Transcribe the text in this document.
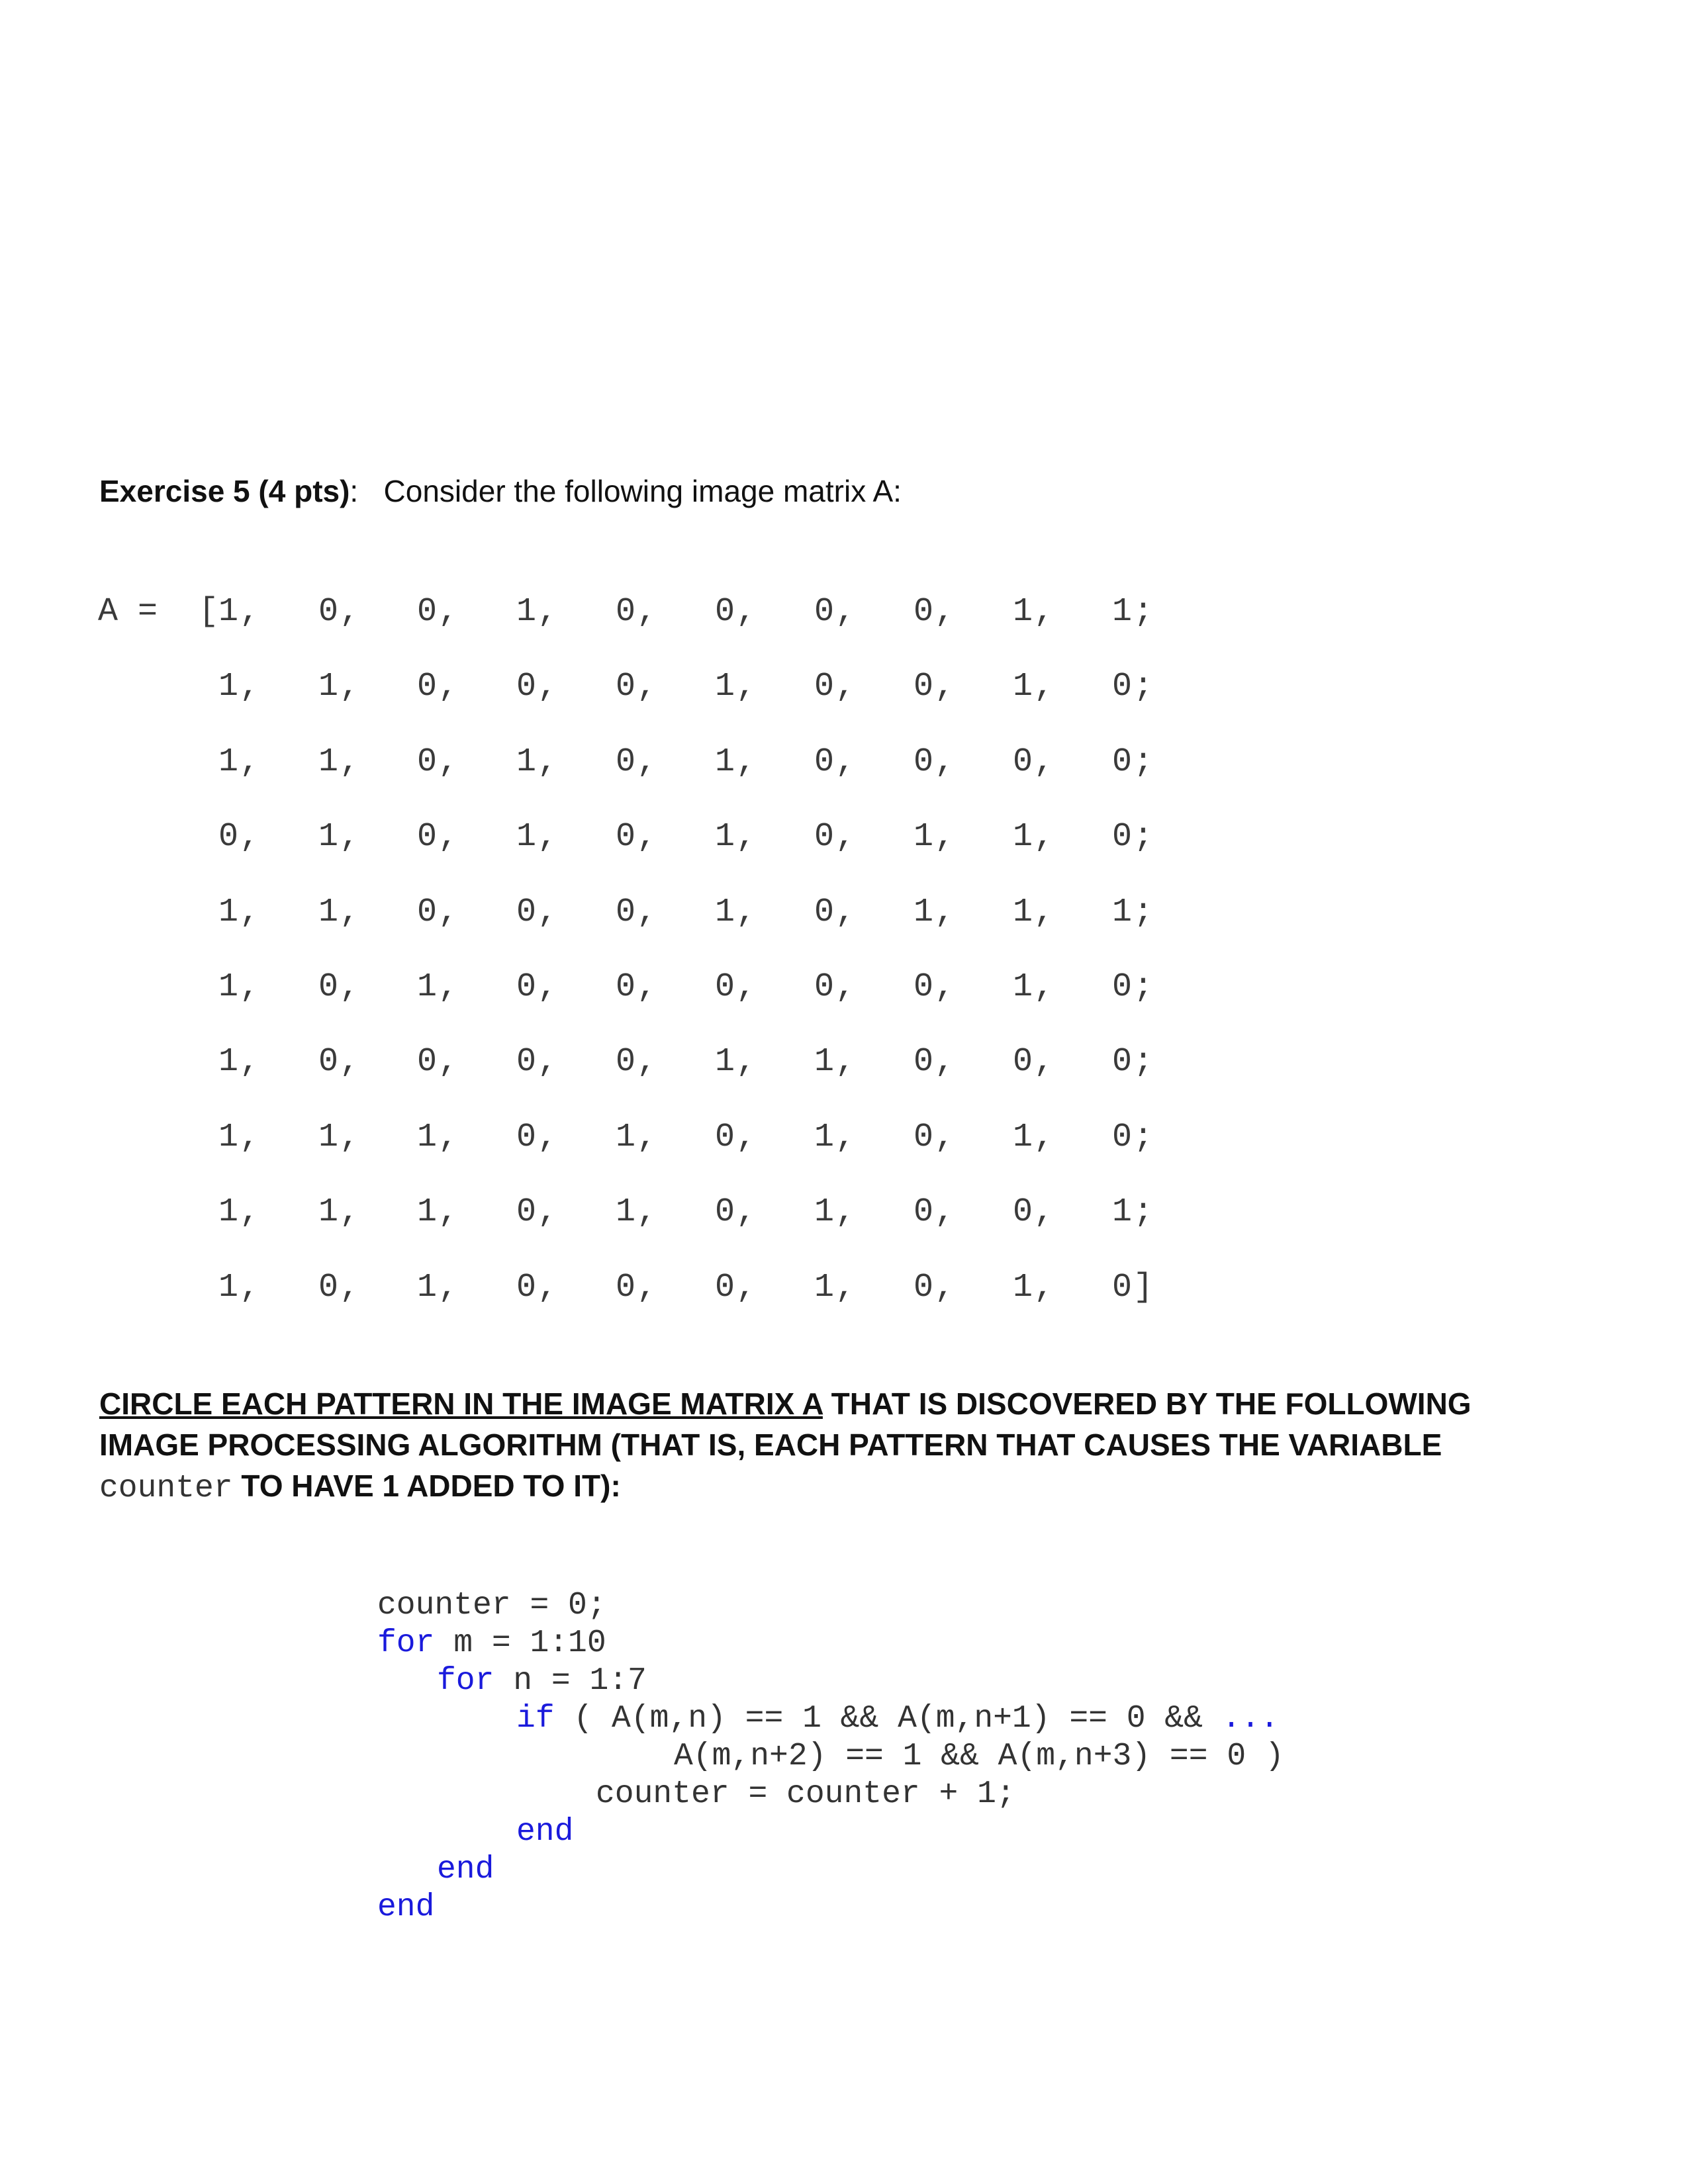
Exercise 5 (4 pts): Consider the following image matrix A:
A = 1 , 0 , 0 , 1 , 0 , 0 , 0 , 0 , 1 , 1 ;
[
1 , 1 , 0 , 0 , 0 , 1 , 0 , 0 , 1 , 0 ;
1 , 1 , 0 , 1 , 0 , 1 , 0 , 0 , 0 , 0 ;
0 , 1 , 0 , 1 , 0 , 1 , 0 , 1 , 1 , 0 ;
1 , 1 , 0 , 0 , 0 , 1 , 0 , 1 , 1 , 1 ;
1 , 0 , 1 , 0 , 0 , 0 , 0 , 0 , 1 , 0 ;
1 , 0 , 0 , 0 , 0 , 1 , 1 , 0 , 0 , 0 ;
1 , 1 , 1 , 0 , 1 , 0 , 1 , 0 , 1 , 0 ;
1 , 1 , 1 , 0 , 1 , 0 , 1 , 0 , 0 , 1 ;
1 , 0 , 1 , 0 , 0 , 0 , 1 , 0 , 1 , 0 ]
CIRCLE EACH PATTERN IN THE IMAGE MATRIX A THAT IS DISCOVERED BY THE FOLLOWING IMAGE PROCESSING ALGORITHM (THAT IS, EACH PATTERN THAT CAUSES THE VARIABLE counter TO HAVE 1 ADDED TO IT):
counter = 0;
for m = 1:10
for n = 1:7
if ( A(m,n) == 1 && A(m,n+1) == 0 && ...
A(m,n+2) == 1 && A(m,n+3) == 0 )
counter = counter + 1;
end
end
end
